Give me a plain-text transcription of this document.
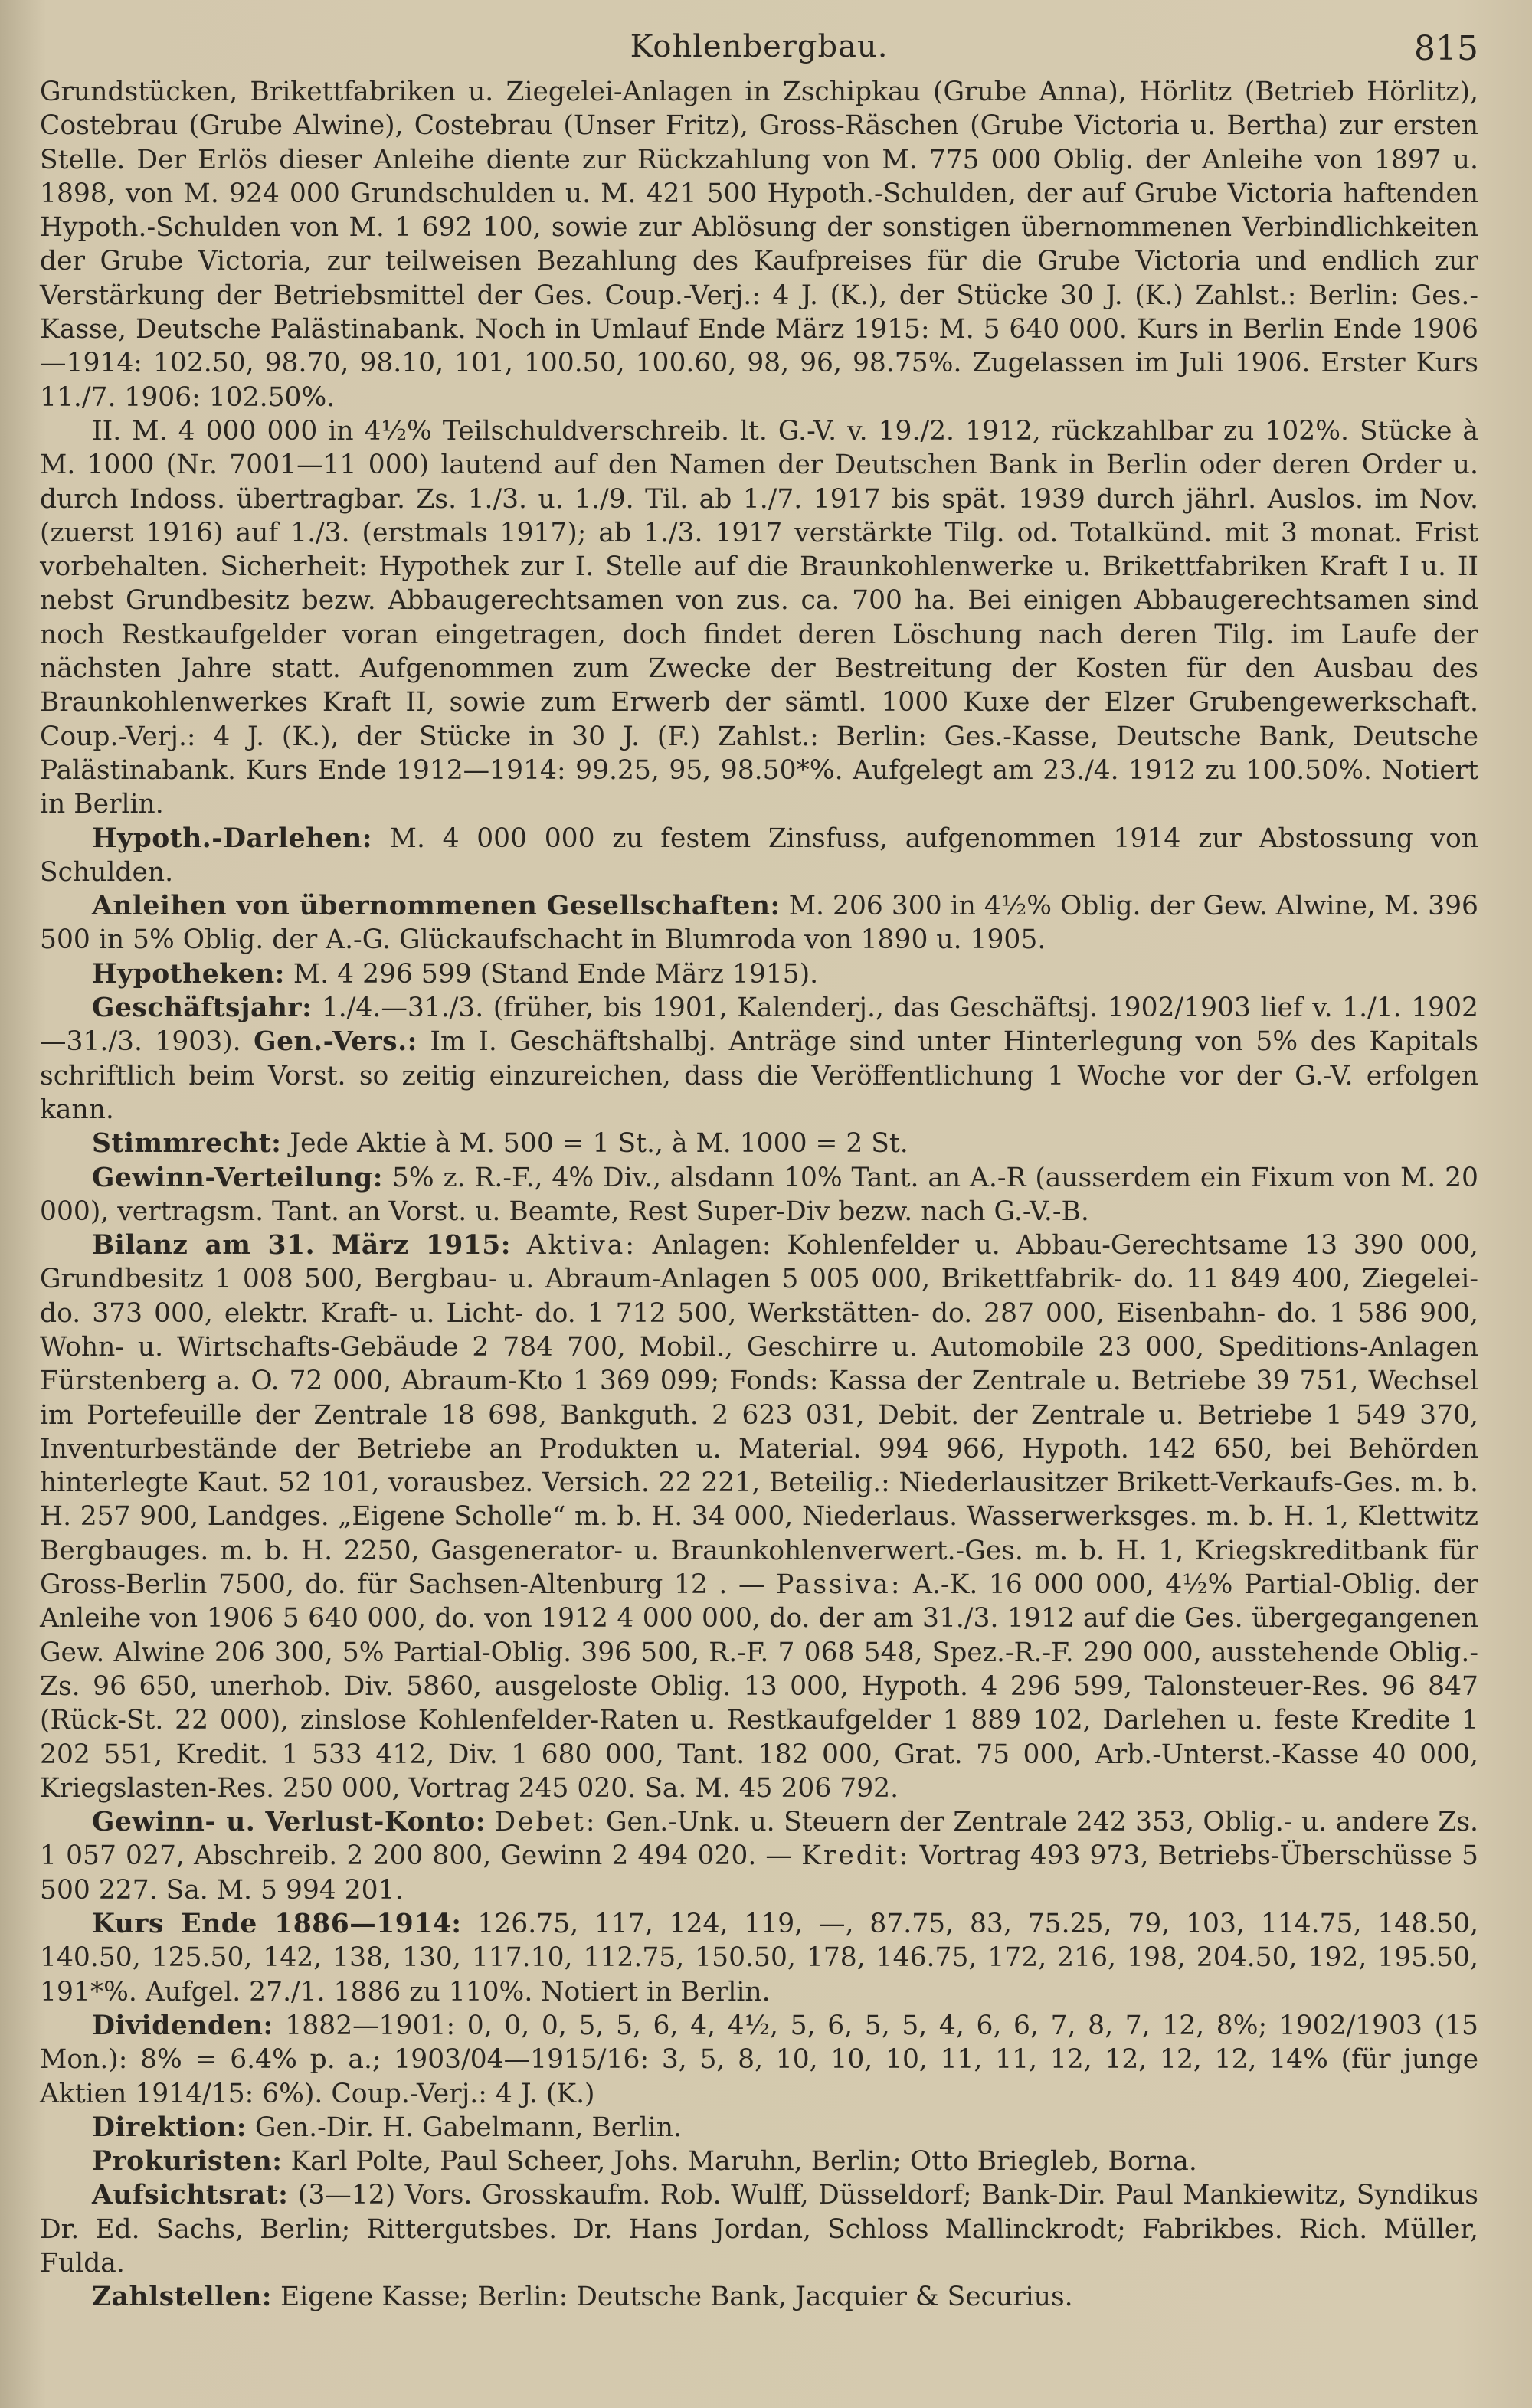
Kohlenbergbau.	815

Grundstücken, Brikettfabriken u. Ziegelei-Anlagen in Zschipkau (Grube Anna), Hörlitz (Betrieb Hörlitz), Costebrau (Grube Alwine), Costebrau (Unser Fritz), Gross-Räschen (Grube Victoria u. Bertha) zur ersten Stelle. Der Erlös dieser Anleihe diente zur Rückzahlung von M. 775 000 Oblig. der Anleihe von 1897 u. 1898, von M. 924 000 Grundschulden u. M. 421 500 Hypoth.-Schulden, der auf Grube Victoria haftenden Hypoth.-Schulden von M. 1 692 100, sowie zur Ablösung der sonstigen übernommenen Verbindlichkeiten der Grube Victoria, zur teilweisen Bezahlung des Kaufpreises für die Grube Victoria und endlich zur Verstärkung der Betriebsmittel der Ges. Coup.-Verj.: 4 J. (K.), der Stücke 30 J. (K.) Zahlst.: Berlin: Ges.-Kasse, Deutsche Palästinabank. Noch in Umlauf Ende März 1915: M. 5 640 000. Kurs in Berlin Ende 1906—1914: 102.50, 98.70, 98.10, 101, 100.50, 100.60, 98, 96, 98.75%. Zugelassen im Juli 1906. Erster Kurs 11./7. 1906: 102.50%.

II. M. 4 000 000 in 4½% Teilschuldverschreib. lt. G.-V. v. 19./2. 1912, rückzahlbar zu 102%. Stücke à M. 1000 (Nr. 7001—11 000) lautend auf den Namen der Deutschen Bank in Berlin oder deren Order u. durch Indoss. übertragbar. Zs. 1./3. u. 1./9. Til. ab 1./7. 1917 bis spät. 1939 durch jährl. Auslos. im Nov. (zuerst 1916) auf 1./3. (erstmals 1917); ab 1./3. 1917 verstärkte Tilg. od. Totalkünd. mit 3 monat. Frist vorbehalten. Sicherheit: Hypothek zur I. Stelle auf die Braunkohlenwerke u. Brikettfabriken Kraft I u. II nebst Grundbesitz bezw. Abbaugerechtsamen von zus. ca. 700 ha. Bei einigen Abbaugerechtsamen sind noch Restkaufgelder voran eingetragen, doch findet deren Löschung nach deren Tilg. im Laufe der nächsten Jahre statt. Aufgenommen zum Zwecke der Bestreitung der Kosten für den Ausbau des Braunkohlenwerkes Kraft II, sowie zum Erwerb der sämtl. 1000 Kuxe der Elzer Grubengewerkschaft. Coup.-Verj.: 4 J. (K.), der Stücke in 30 J. (F.) Zahlst.: Berlin: Ges.-Kasse, Deutsche Bank, Deutsche Palästinabank. Kurs Ende 1912—1914: 99.25, 95, 98.50*%. Aufgelegt am 23./4. 1912 zu 100.50%. Notiert in Berlin.

Hypoth.-Darlehen: M. 4 000 000 zu festem Zinsfuss, aufgenommen 1914 zur Abstossung von Schulden.

Anleihen von übernommenen Gesellschaften: M. 206 300 in 4½% Oblig. der Gew. Alwine, M. 396 500 in 5% Oblig. der A.-G. Glückaufschacht in Blumroda von 1890 u. 1905.

Hypotheken: M. 4 296 599 (Stand Ende März 1915).

Geschäftsjahr: 1./4.—31./3. (früher, bis 1901, Kalenderj., das Geschäftsj. 1902/1903 lief v. 1./1. 1902—31./3. 1903). Gen.-Vers.: Im I. Geschäftshalbj. Anträge sind unter Hinterlegung von 5% des Kapitals schriftlich beim Vorst. so zeitig einzureichen, dass die Veröffentlichung 1 Woche vor der G.-V. erfolgen kann.

Stimmrecht: Jede Aktie à M. 500 = 1 St., à M. 1000 = 2 St.

Gewinn-Verteilung: 5% z. R.-F., 4% Div., alsdann 10% Tant. an A.-R (ausserdem ein Fixum von M. 20 000), vertragsm. Tant. an Vorst. u. Beamte, Rest Super-Div bezw. nach G.-V.-B.

Bilanz am 31. März 1915: Aktiva: Anlagen: Kohlenfelder u. Abbau-Gerechtsame 13 390 000, Grundbesitz 1 008 500, Bergbau- u. Abraum-Anlagen 5 005 000, Brikettfabrik- do. 11 849 400, Ziegelei- do. 373 000, elektr. Kraft- u. Licht- do. 1 712 500, Werkstätten- do. 287 000, Eisenbahn- do. 1 586 900, Wohn- u. Wirtschafts-Gebäude 2 784 700, Mobil., Geschirre u. Automobile 23 000, Speditions-Anlagen Fürstenberg a. O. 72 000, Abraum-Kto 1 369 099; Fonds: Kassa der Zentrale u. Betriebe 39 751, Wechsel im Portefeuille der Zentrale 18 698, Bankguth. 2 623 031, Debit. der Zentrale u. Betriebe 1 549 370, Inventurbestände der Betriebe an Produkten u. Material. 994 966, Hypoth. 142 650, bei Behörden hinterlegte Kaut. 52 101, vorausbez. Versich. 22 221, Beteilig.: Niederlausitzer Brikett-Verkaufs-Ges. m. b. H. 257 900, Landges. „Eigene Scholle“ m. b. H. 34 000, Niederlaus. Wasserwerksges. m. b. H. 1, Klettwitz Bergbauges. m. b. H. 2250, Gasgenerator- u. Braunkohlenverwert.-Ges. m. b. H. 1, Kriegskreditbank für Gross-Berlin 7500, do. für Sachsen-Altenburg 12 . — Passiva: A.-K. 16 000 000, 4½% Partial-Oblig. der Anleihe von 1906 5 640 000, do. von 1912 4 000 000, do. der am 31./3. 1912 auf die Ges. übergegangenen Gew. Alwine 206 300, 5% Partial-Oblig. 396 500, R.-F. 7 068 548, Spez.-R.-F. 290 000, ausstehende Oblig.-Zs. 96 650, unerhob. Div. 5860, ausgeloste Oblig. 13 000, Hypoth. 4 296 599, Talonsteuer-Res. 96 847 (Rück-St. 22 000), zinslose Kohlenfelder-Raten u. Restkaufgelder 1 889 102, Darlehen u. feste Kredite 1 202 551, Kredit. 1 533 412, Div. 1 680 000, Tant. 182 000, Grat. 75 000, Arb.-Unterst.-Kasse 40 000, Kriegslasten-Res. 250 000, Vortrag 245 020. Sa. M. 45 206 792.

Gewinn- u. Verlust-Konto: Debet: Gen.-Unk. u. Steuern der Zentrale 242 353, Oblig.- u. andere Zs. 1 057 027, Abschreib. 2 200 800, Gewinn 2 494 020. — Kredit: Vortrag 493 973, Betriebs-Überschüsse 5 500 227. Sa. M. 5 994 201.

Kurs Ende 1886—1914: 126.75, 117, 124, 119, —, 87.75, 83, 75.25, 79, 103, 114.75, 148.50, 140.50, 125.50, 142, 138, 130, 117.10, 112.75, 150.50, 178, 146.75, 172, 216, 198, 204.50, 192, 195.50, 191*%. Aufgel. 27./1. 1886 zu 110%. Notiert in Berlin.

Dividenden: 1882—1901: 0, 0, 0, 5, 5, 6, 4, 4½, 5, 6, 5, 5, 4, 6, 6, 7, 8, 7, 12, 8%; 1902/1903 (15 Mon.): 8% = 6.4% p. a.; 1903/04—1915/16: 3, 5, 8, 10, 10, 10, 11, 11, 12, 12, 12, 12, 14% (für junge Aktien 1914/15: 6%). Coup.-Verj.: 4 J. (K.)

Direktion: Gen.-Dir. H. Gabelmann, Berlin.

Prokuristen: Karl Polte, Paul Scheer, Johs. Maruhn, Berlin; Otto Briegleb, Borna.

Aufsichtsrat: (3—12) Vors. Grosskaufm. Rob. Wulff, Düsseldorf; Bank-Dir. Paul Mankiewitz, Syndikus Dr. Ed. Sachs, Berlin; Rittergutsbes. Dr. Hans Jordan, Schloss Mallinckrodt; Fabrikbes. Rich. Müller, Fulda.

Zahlstellen: Eigene Kasse; Berlin: Deutsche Bank, Jacquier & Securius.
